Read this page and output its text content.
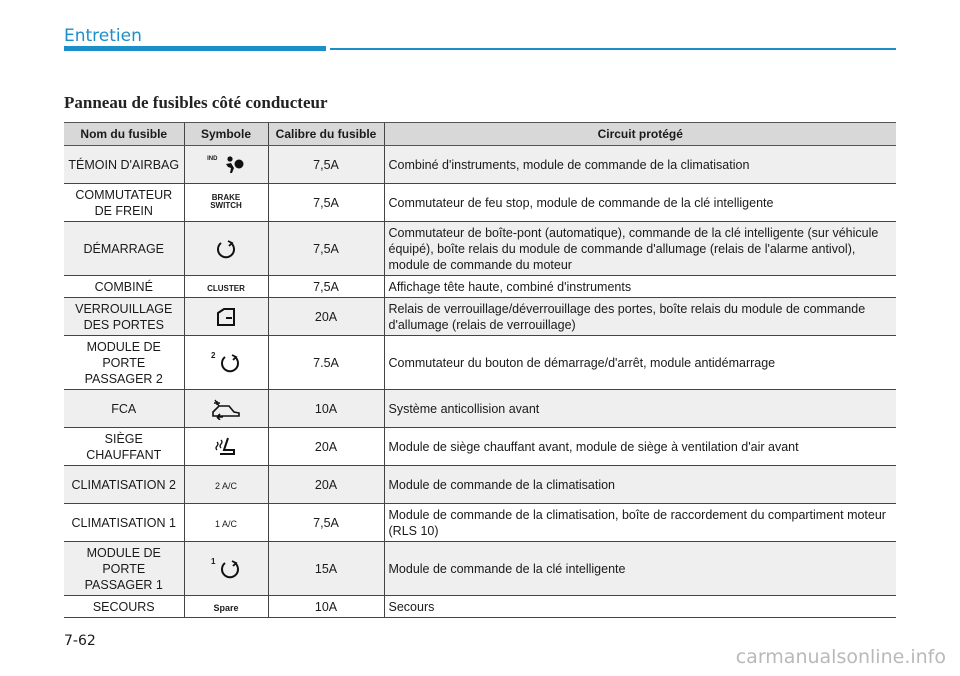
Entretien
Panneau de fusibles côté conducteur
Nom du fusible	Symbole	Calibre du fusible	Circuit protégé
TÉMOIN D'AIRBAG	IND	7,5A	Combiné d'instruments, module de commande de la climatisation
COMMUTATEUR DE FREIN	BRAKE SWITCH	7,5A	Commutateur de feu stop, module de commande de la clé intelligente
DÉMARRAGE		7,5A	Commutateur de boîte-pont (automatique), commande de la clé intelligente (sur véhicule équipé), boîte relais du module de commande d'allumage (relais de l'alarme antivol), module de commande du moteur
COMBINÉ	CLUSTER	7,5A	Affichage tête haute, combiné d'instruments
VERROUILLAGE DES PORTES		20A	Relais de verrouillage/déverrouillage des portes, boîte relais du module de commande d'allumage (relais de verrouillage)
MODULE DE PORTE PASSAGER 2	2	7.5A	Commutateur du bouton de démarrage/d'arrêt, module antidémarrage
FCA		10A	Système anticollision avant
SIÈGE CHAUFFANT		20A	Module de siège chauffant avant, module de siège à ventilation d'air avant
CLIMATISATION 2	2 A/C	20A	Module de commande de la climatisation
CLIMATISATION 1	1 A/C	7,5A	Module de commande de la climatisation, boîte de raccordement du compartiment moteur (RLS 10)
MODULE DE PORTE PASSAGER 1	1	15A	Module de commande de la clé intelligente
SECOURS	Spare	10A	Secours
7-62
carmanualsonline.info
